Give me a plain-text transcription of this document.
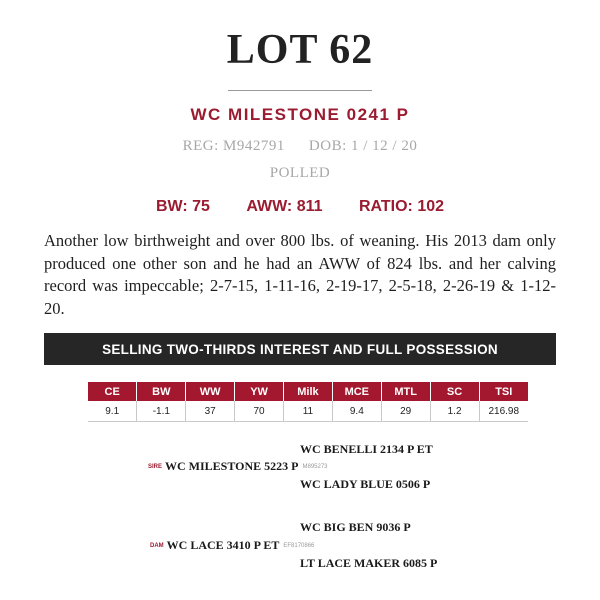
LOT 62
WC MILESTONE 0241 P
REG: M942791 DOB: 1 / 12 / 20
POLLED
BW: 75 AWW: 811 RATIO: 102
Another low birthweight and over 800 lbs. of weaning. His 2013 dam only produced one other son and he had an AWW of 824 lbs. and her calving record was impeccable; 2-7-15, 1-11-16, 2-19-17, 2-5-18, 2-26-19 & 1-12-20.
SELLING TWO-THIRDS INTEREST AND FULL POSSESSION
CE	BW	WW	YW	Milk	MCE	MTL	SC	TSI
9.1	-1.1	37	70	11	9.4	29	1.2	216.98
WC BENELLI 2134 P ET
SIRE WC MILESTONE 5223 P M895273
WC LADY BLUE 0506 P
WC BIG BEN 9036 P
DAM WC LACE 3410 P ET EF8170866
LT LACE MAKER 6085 P
